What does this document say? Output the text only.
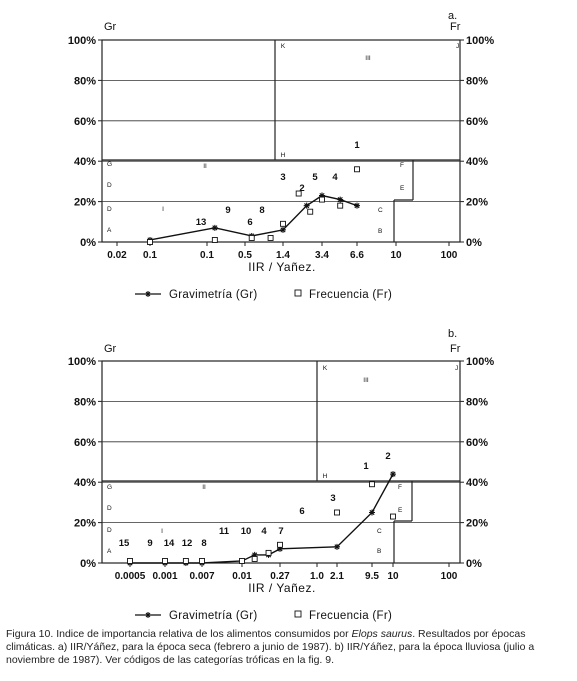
0%	0%
20%	20%
40%	40%
60%	60%
80%	80%
100%	100%
0.02 0.1	0.1 0.5 1.4	3.4 6.6	10	100
G
D
D
A
I
II
K
H
III
J
F
E
C
B
Gr	Fr
a.
IIR / Yañez.
13
9
6
8
3
2
5 4
1
Gravimetría (Gr)	Frecuencia (Fr)
0%	0%
20%	20%
40%	40%
60%	60%
80%	80%
100%	100%
0.0005 0.001 0.007 0.01 0.27 1.0 2.1 9.5 10	100
G
D
D
A
I
II
K
H
III
J
F
E
C
B
Gr	Fr
b.
IIR / Yañez.
15 9 14 12 8
11 10 4 7
6
3
1
2
Gravimetría (Gr)	Frecuencia (Fr)
Figura 10. Indice de importancia relativa de los alimentos consumidos por Elops saurus. Resultados por épocas climáticas. a) IIR/Yáñez, para la época seca (febrero a junio de 1987). b) IIR/Yáñez, para la época lluviosa (julio a noviembre de 1987). Ver códigos de las categorías tróficas en la fig. 9.
